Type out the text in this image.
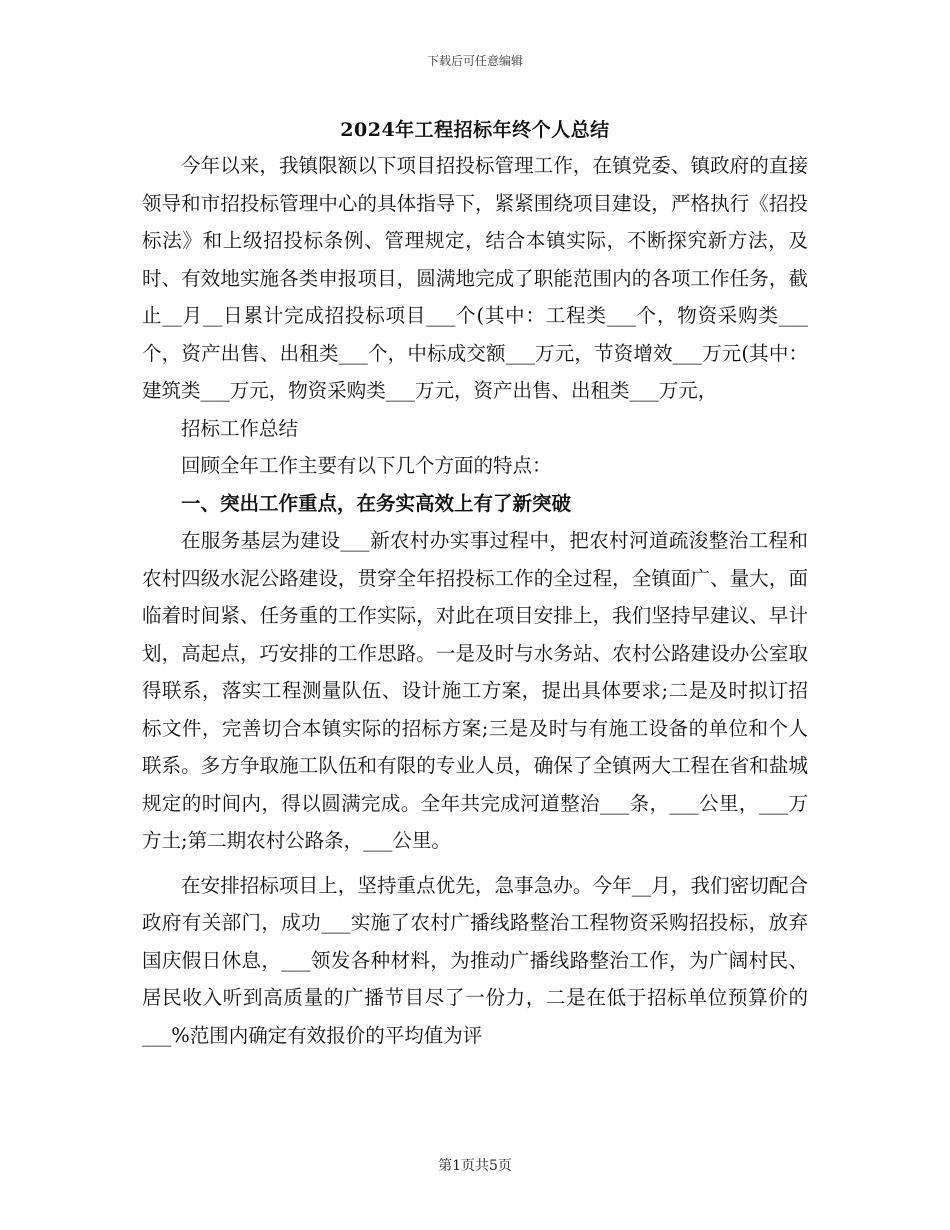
下载后可任意编辑
2024年工程招标年终个人总结

今年以来，我镇限额以下项目招投标管理工作，在镇党委、镇政府的直接领导和市招投标管理中心的具体指导下，紧紧围绕项目建设，严格执行《招投标法》和上级招投标条例、管理规定，结合本镇实际，不断探究新方法，及时、有效地实施各类申报项目，圆满地完成了职能范围内的各项工作任务，截止__月__日累计完成招投标项目___个(其中：工程类___个，物资采购类___个，资产出售、出租类___个，中标成交额___万元，节资增效___万元(其中：建筑类___万元，物资采购类___万元，资产出售、出租类___万元，

招标工作总结

回顾全年工作主要有以下几个方面的特点：

一、突出工作重点，在务实高效上有了新突破

在服务基层为建设___新农村办实事过程中，把农村河道疏浚整治工程和农村四级水泥公路建设，贯穿全年招投标工作的全过程，全镇面广、量大，面临着时间紧、任务重的工作实际，对此在项目安排上，我们坚持早建议、早计划，高起点，巧安排的工作思路。一是及时与水务站、农村公路建设办公室取得联系，落实工程测量队伍、设计施工方案，提出具体要求;二是及时拟订招标文件，完善切合本镇实际的招标方案;三是及时与有施工设备的单位和个人联系。多方争取施工队伍和有限的专业人员，确保了全镇两大工程在省和盐城规定的时间内，得以圆满完成。全年共完成河道整治___条，___公里，___万方土;第二期农村公路条，___公里。

在安排招标项目上，坚持重点优先，急事急办。今年__月，我们密切配合政府有关部门，成功___实施了农村广播线路整治工程物资采购招投标，放弃国庆假日休息，___领发各种材料，为推动广播线路整治工作，为广阔村民、居民收入听到高质量的广播节目尽了一份力，二是在低于招标单位预算价的___%范围内确定有效报价的平均值为评

第1页共5页
